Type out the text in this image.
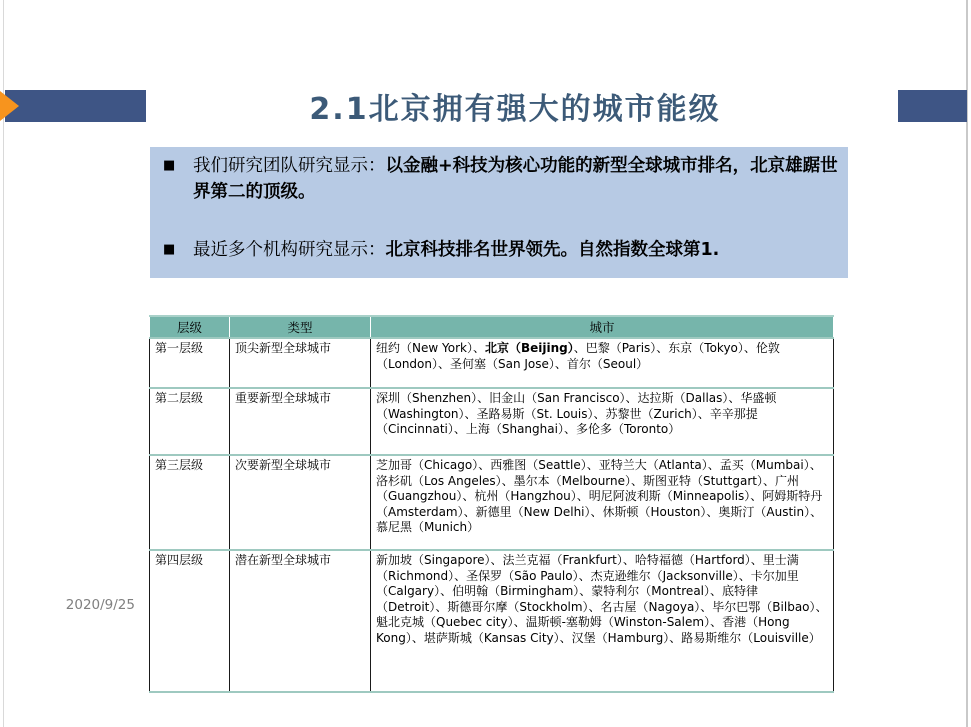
2.1北京拥有强大的城市能级
■	我们研究团队研究显示：以金融+科技为核心功能的新型全球城市排名，北京雄踞世界第二的顶级。

■	最近多个机构研究显示：北京科技排名世界领先。自然指数全球第1.

层级	类型	城市
第一层级	顶尖新型全球城市	纽约（New York）、北京（Beijing）、巴黎（Paris）、东京（Tokyo）、伦敦（London）、圣何塞（San Jose）、首尔（Seoul）
第二层级	重要新型全球城市	深圳（Shenzhen）、旧金山（San Francisco）、达拉斯（Dallas）、华盛顿（Washington）、圣路易斯（St. Louis）、苏黎世（Zurich）、辛辛那提（Cincinnati）、上海（Shanghai）、多伦多（Toronto）
第三层级	次要新型全球城市	芝加哥（Chicago）、西雅图（Seattle）、亚特兰大（Atlanta）、孟买（Mumbai）、洛杉矶（Los Angeles）、墨尔本（Melbourne）、斯图亚特（Stuttgart）、广州（Guangzhou）、杭州（Hangzhou）、明尼阿波利斯（Minneapolis）、阿姆斯特丹（Amsterdam）、新德里（New Delhi）、休斯顿（Houston）、奥斯汀（Austin）、慕尼黑（Munich）
第四层级	潜在新型全球城市	新加坡（Singapore）、法兰克福（Frankfurt）、哈特福德（Hartford）、里士满（Richmond）、圣保罗（São Paulo）、杰克逊维尔（Jacksonville）、卡尔加里（Calgary）、伯明翰（Birmingham）、蒙特利尔（Montreal）、底特律（Detroit）、斯德哥尔摩（Stockholm）、名古屋（Nagoya）、毕尔巴鄂（Bilbao）、魁北克城（Quebec city）、温斯顿-塞勒姆（Winston-Salem）、香港（Hong Kong）、堪萨斯城（Kansas City）、汉堡（Hamburg）、路易斯维尔（Louisville）
2020/9/25
